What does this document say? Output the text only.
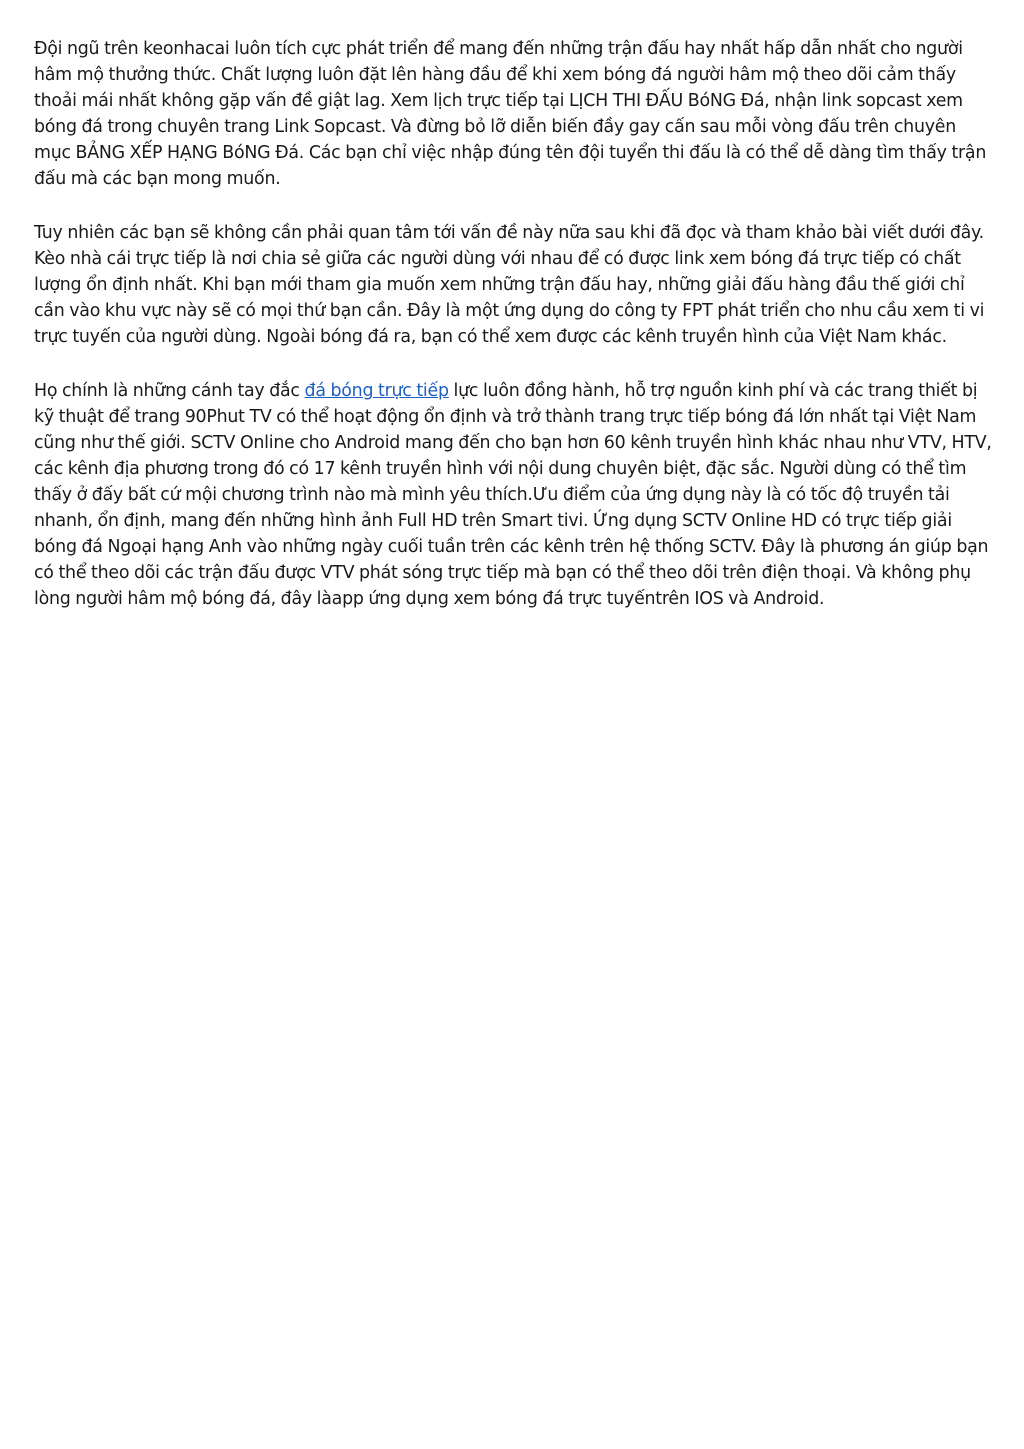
Đội ngũ trên keonhacai luôn tích cực phát triển để mang đến những trận đấu hay nhất hấp dẫn nhất cho người hâm mộ thưởng thức. Chất lượng luôn đặt lên hàng đầu để khi xem bóng đá người hâm mộ theo dõi cảm thấy thoải mái nhất không gặp vấn đề giật lag. Xem lịch trực tiếp tại LỊCH THI ĐẤU BóNG Đá, nhận link sopcast xem bóng đá trong chuyên trang Link Sopcast. Và đừng bỏ lỡ diễn biến đầy gay cấn sau mỗi vòng đấu trên chuyên mục BẢNG XẾP HẠNG BóNG Đá. Các bạn chỉ việc nhập đúng tên đội tuyển thi đấu là có thể dễ dàng tìm thấy trận đấu mà các bạn mong muốn.

Tuy nhiên các bạn sẽ không cần phải quan tâm tới vấn đề này nữa sau khi đã đọc và tham khảo bài viết dưới đây. Kèo nhà cái trực tiếp là nơi chia sẻ giữa các người dùng với nhau để có được link xem bóng đá trực tiếp có chất lượng ổn định nhất. Khi bạn mới tham gia muốn xem những trận đấu hay, những giải đấu hàng đầu thế giới chỉ cần vào khu vực này sẽ có mọi thứ bạn cần. Đây là một ứng dụng do công ty FPT phát triển cho nhu cầu xem ti vi trực tuyến của người dùng. Ngoài bóng đá ra, bạn có thể xem được các kênh truyền hình của Việt Nam khác.

Họ chính là những cánh tay đắc đá bóng trực tiếp lực luôn đồng hành, hỗ trợ nguồn kinh phí và các trang thiết bị kỹ thuật để trang 90Phut TV có thể hoạt động ổn định và trở thành trang trực tiếp bóng đá lớn nhất tại Việt Nam cũng như thế giới. SCTV Online cho Android mang đến cho bạn hơn 60 kênh truyền hình khác nhau như VTV, HTV, các kênh địa phương trong đó có 17 kênh truyền hình với nội dung chuyên biệt, đặc sắc. Người dùng có thể tìm thấy ở đấy bất cứ mội chương trình nào mà mình yêu thích.Ưu điểm của ứng dụng này là có tốc độ truyền tải nhanh, ổn định, mang đến những hình ảnh Full HD trên Smart tivi. Ứng dụng SCTV Online HD có trực tiếp giải bóng đá Ngoại hạng Anh vào những ngày cuối tuần trên các kênh trên hệ thống SCTV. Đây là phương án giúp bạn có thể theo dõi các trận đấu được VTV phát sóng trực tiếp mà bạn có thể theo dõi trên điện thoại. Và không phụ lòng người hâm mộ bóng đá, đây làapp ứng dụng xem bóng đá trực tuyếntrên IOS và Android.
